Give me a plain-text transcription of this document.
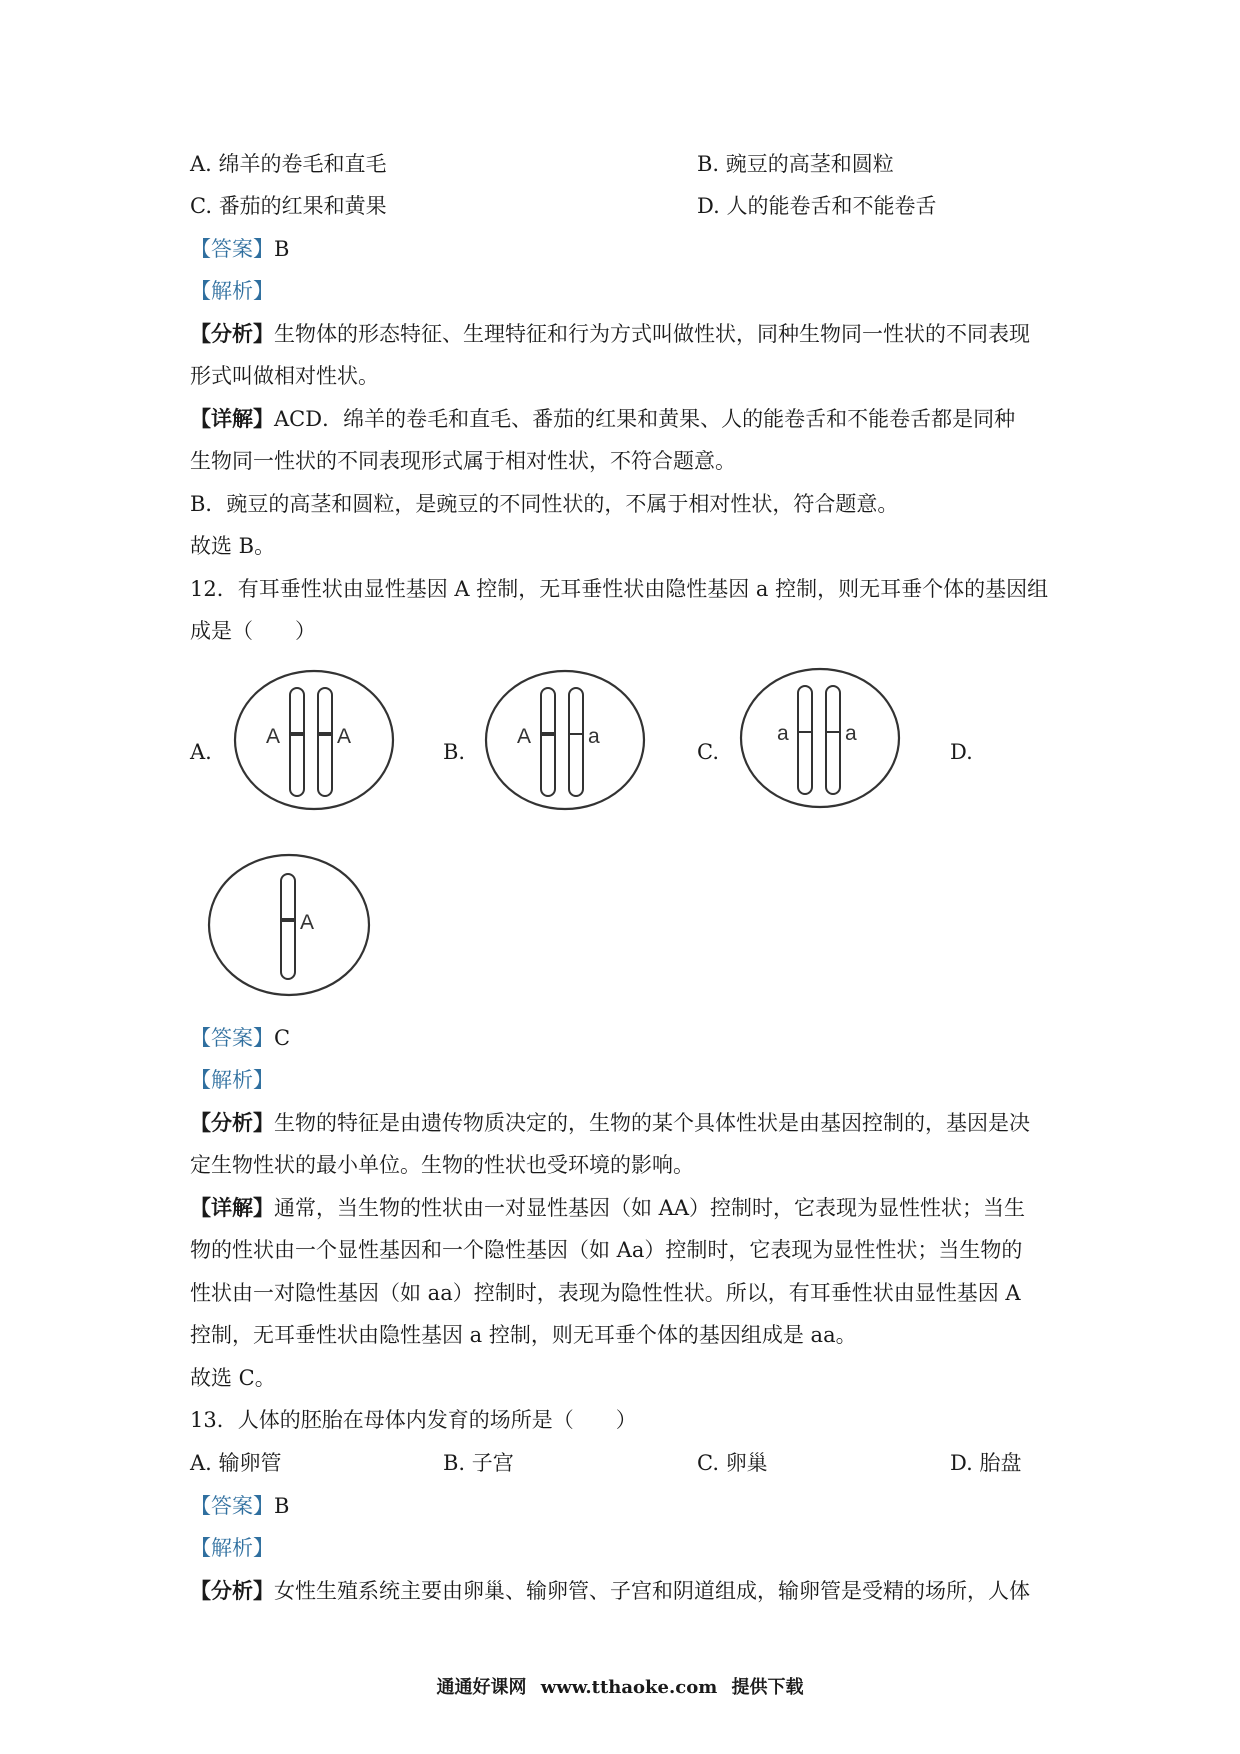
A. 绵羊的卷毛和直毛	B. 豌豆的高茎和圆粒
C. 番茄的红果和黄果	D. 人的能卷舌和不能卷舌
【答案】B
【解析】
【分析】生物体的形态特征、生理特征和行为方式叫做性状，同种生物同一性状的不同表现
形式叫做相对性状。
【详解】ACD．绵羊的卷毛和直毛、番茄的红果和黄果、人的能卷舌和不能卷舌都是同种
生物同一性状的不同表现形式属于相对性状，不符合题意。
B．豌豆的高茎和圆粒，是豌豆的不同性状的，不属于相对性状，符合题意。
故选 B。
12．有耳垂性状由显性基因 A 控制，无耳垂性状由隐性基因 a 控制，则无耳垂个体的基因组
成是（　　）
A.	B.	C.	D.
A	A	A	a	a	a
A
【答案】C
【解析】
【分析】生物的特征是由遗传物质决定的，生物的某个具体性状是由基因控制的，基因是决
定生物性状的最小单位。生物的性状也受环境的影响。
【详解】通常，当生物的性状由一对显性基因（如 AA）控制时，它表现为显性性状；当生
物的性状由一个显性基因和一个隐性基因（如 Aa）控制时，它表现为显性性状；当生物的
性状由一对隐性基因（如 aa）控制时，表现为隐性性状。所以，有耳垂性状由显性基因 A
控制，无耳垂性状由隐性基因 a 控制，则无耳垂个体的基因组成是 aa。
故选 C。
13．人体的胚胎在母体内发育的场所是（　　）
A. 输卵管	B. 子宫	C. 卵巢	D. 胎盘
【答案】B
【解析】
【分析】女性生殖系统主要由卵巢、输卵管、子宫和阴道组成，输卵管是受精的场所，人体
通通好课网 www.tthaoke.com 提供下载
